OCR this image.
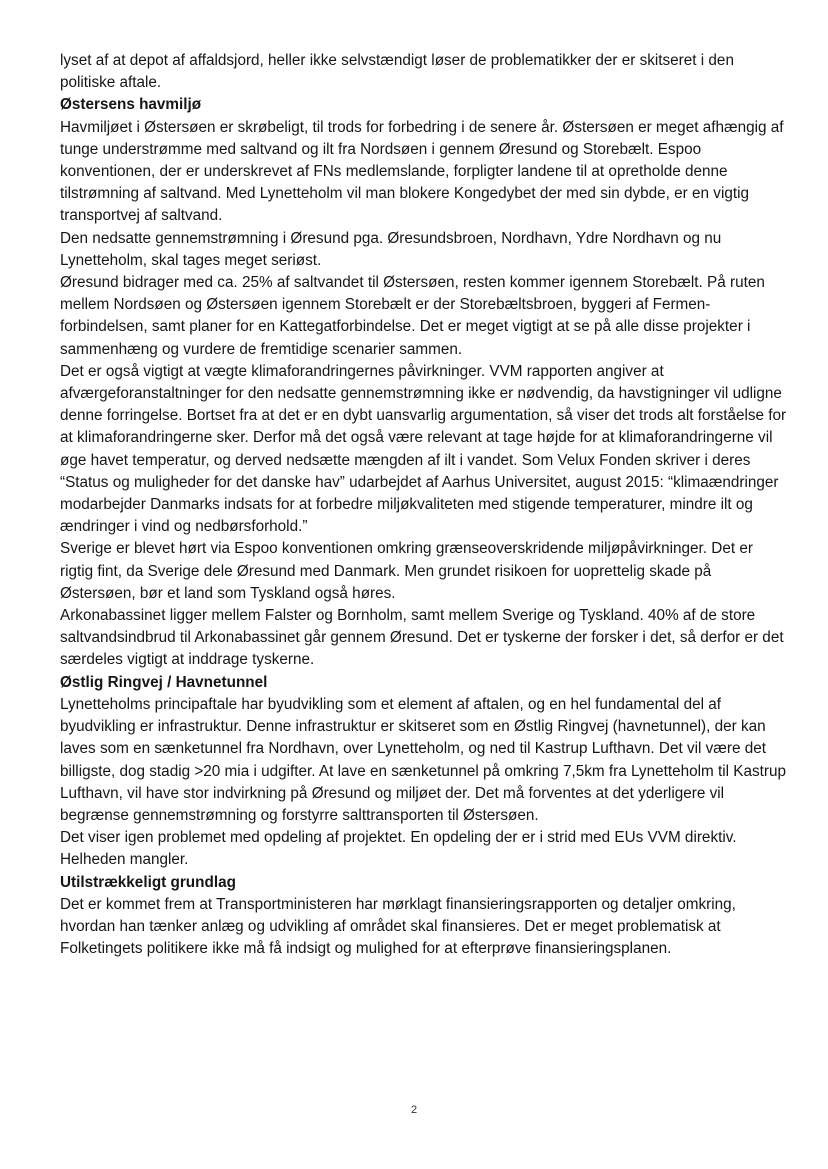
lyset af at depot af affaldsjord, heller ikke selvstændigt løser de problematikker der er skitseret i den politiske aftale.

Østersens havmiljø

Havmiljøet i Østersøen er skrøbeligt, til trods for forbedring i de senere år. Østersøen er meget afhængig af tunge understrømme med saltvand og ilt fra Nordsøen i gennem Øresund og Storebælt. Espoo konventionen, der er underskrevet af FNs medlemslande, forpligter landene til at opretholde denne tilstrømning af saltvand. Med Lynetteholm vil man blokere Kongedybet der med sin dybde, er en vigtig transportvej af saltvand.

Den nedsatte gennemstrømning i Øresund pga. Øresundsbroen, Nordhavn, Ydre Nordhavn og nu Lynetteholm, skal tages meget seriøst.

Øresund bidrager med ca. 25% af saltvandet til Østersøen, resten kommer igennem Storebælt. På ruten mellem Nordsøen og Østersøen igennem Storebælt er der Storebæltsbroen, byggeri af Fermen-forbindelsen, samt planer for en Kattegatforbindelse. Det er meget vigtigt at se på alle disse projekter i sammenhæng og vurdere de fremtidige scenarier sammen.

Det er også vigtigt at vægte klimaforandringernes påvirkninger. VVM rapporten angiver at afværgeforanstaltninger for den nedsatte gennemstrømning ikke er nødvendig, da havstigninger vil udligne denne forringelse. Bortset fra at det er en dybt uansvarlig argumentation, så viser det trods alt forståelse for at klimaforandringerne sker. Derfor må det også være relevant at tage højde for at klimaforandringerne vil øge havet temperatur, og derved nedsætte mængden af ilt i vandet. Som Velux Fonden skriver i deres “Status og muligheder for det danske hav” udarbejdet af Aarhus Universitet, august 2015: “klimaændringer modarbejder Danmarks indsats for at forbedre miljøkvaliteten med stigende temperaturer, mindre ilt og ændringer i vind og nedbørsforhold.”

Sverige er blevet hørt via Espoo konventionen omkring grænseoverskridende miljøpåvirkninger. Det er rigtig fint, da Sverige dele Øresund med Danmark. Men grundet risikoen for uoprettelig skade på Østersøen, bør et land som Tyskland også høres.

Arkonabassinet ligger mellem Falster og Bornholm, samt mellem Sverige og Tyskland. 40% af de store saltvandsindbrud til Arkonabassinet går gennem Øresund. Det er tyskerne der forsker i det, så derfor er det særdeles vigtigt at inddrage tyskerne.

Østlig Ringvej / Havnetunnel

Lynetteholms principaftale har byudvikling som et element af aftalen, og en hel fundamental del af byudvikling er infrastruktur. Denne infrastruktur er skitseret som en Østlig Ringvej (havnetunnel), der kan laves som en sænketunnel fra Nordhavn, over Lynetteholm, og ned til Kastrup Lufthavn. Det vil være det billigste, dog stadig >20 mia i udgifter. At lave en sænketunnel på omkring 7,5km fra Lynetteholm til Kastrup Lufthavn, vil have stor indvirkning på Øresund og miljøet der. Det må forventes at det yderligere vil begrænse gennemstrømning og forstyrre salttransporten til Østersøen.

Det viser igen problemet med opdeling af projektet. En opdeling der er i strid med EUs VVM direktiv. Helheden mangler.

Utilstrækkeligt grundlag

Det er kommet frem at Transportministeren har mørklagt finansieringsrapporten og detaljer omkring, hvordan han tænker anlæg og udvikling af området skal finansieres. Det er meget problematisk at Folketingets politikere ikke må få indsigt og mulighed for at efterprøve finansieringsplanen.

2
